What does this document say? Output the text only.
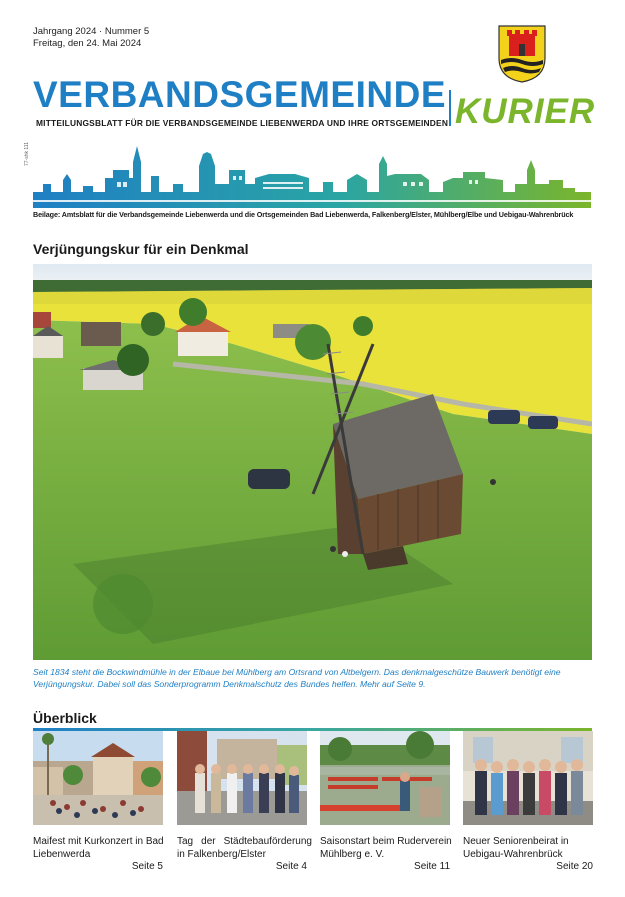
Jahrgang 2024 · Nummer 5
Freitag, den 24. Mai 2024
VERBANDSGEMEINDE KURIER
MITTEILUNGSBLATT FÜR DIE VERBANDSGEMEINDE LIEBENWERDA UND IHRE ORTSGEMEINDEN
77-shk 111
Beilage: Amtsblatt für die Verbandsgemeinde Liebenwerda und die Ortsgemeinden Bad Liebenwerda, Falkenberg/Elster, Mühlberg/Elbe und Uebigau-Wahrenbrück
Verjüngungskur für ein Denkmal
Seit 1834 steht die Bockwindmühle in der Elbaue bei Mühlberg am Ortsrand von Altbelgern. Das denkmalgeschütze Bauwerk benötigt eine Verjüngungskur. Dabei soll das Sonderprogramm Denkmalschutz des Bundes helfen. Mehr auf Seite 9.
Überblick
Maifest mit Kurkonzert in Bad Liebenwerda
Seite 5
Tag der Städtebauförderung in Falkenberg/Elster
Seite 4
Saisonstart beim Ruderverein Mühlberg e. V.
Seite 11
Neuer Seniorenbeirat in Uebigau-Wahrenbrück
Seite 20
